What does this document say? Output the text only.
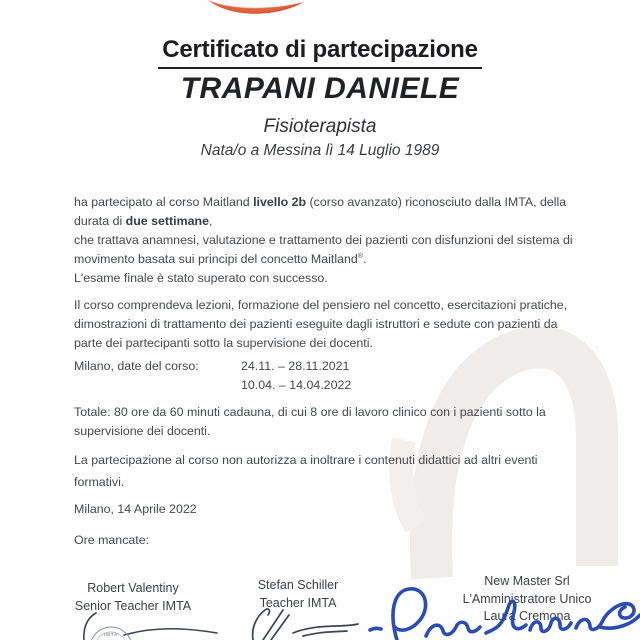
Certificato di partecipazione
TRAPANI DANIELE
Fisioterapista
Nata/o a Messina lì 14 Luglio 1989
ha partecipato al corso Maitland livello 2b (corso avanzato) riconosciuto dalla IMTA, della
durata di due settimane,
che trattava anamnesi, valutazione e trattamento dei pazienti con disfunzioni del sistema di
movimento basata sui principi del concetto Maitland®.
L'esame finale è stato superato con successo.
Il corso comprendeva lezioni, formazione del pensiero nel concetto, esercitazioni pratiche,
dimostrazioni di trattamento dei pazienti eseguite dagli istruttori e sedute con pazienti da
parte dei partecipanti sotto la supervisione dei docenti.
Milano, date del corso:	24.11. – 28.11.2021
10.04. – 14.04.2022
Totale: 80 ore da 60 minuti cadauna, di cui 8 ore di lavoro clinico con i pazienti sotto la
supervisione dei docenti.
La partecipazione al corso non autorizza a inoltrare i contenuti didattici ad altri eventi
formativi.
Milano, 14 Aprile 2022
Ore mancate:
Robert Valentiny
Senior Teacher IMTA
Stefan Schiller
Teacher IMTA
New Master Srl
L'Amministratore Unico
Laura Cremona
IMTA
